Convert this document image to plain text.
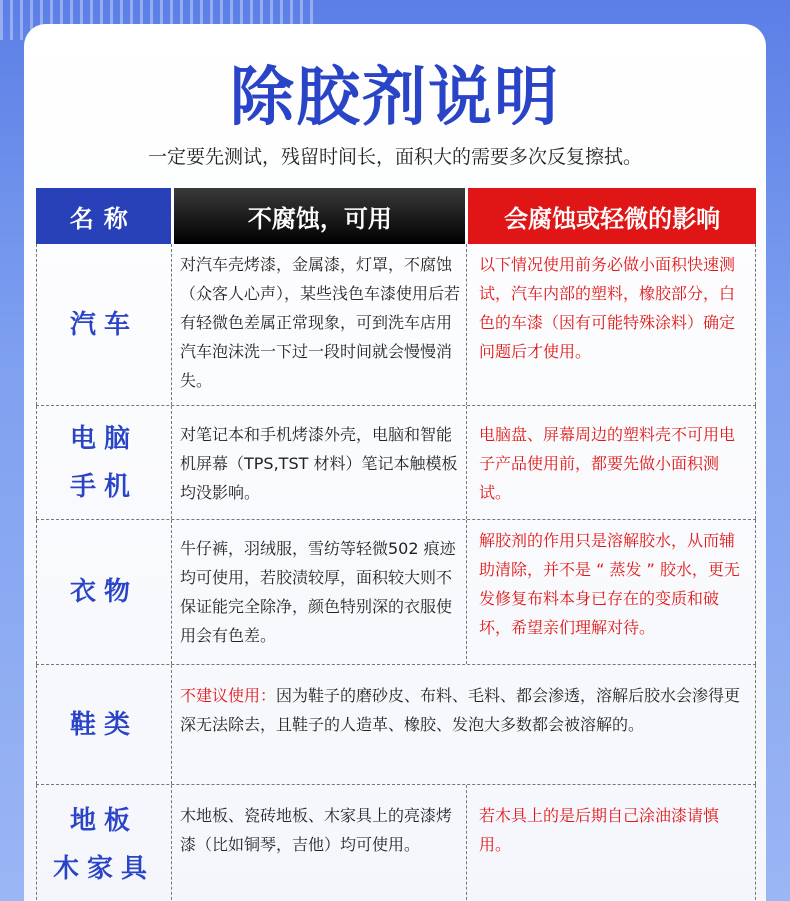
除胶剂说明
一定要先测试，残留时间长，面积大的需要多次反复擦拭。
名称	不腐蚀，可用	会腐蚀或轻微的影响
汽车
对汽车壳烤漆，金属漆，灯罩，不腐蚀（众客人心声），某些浅色车漆使用后若有轻微色差属正常现象，可到洗车店用汽车泡沫洗一下过一段时间就会慢慢消失。
以下情况使用前务必做小面积快速测试，汽车内部的塑料，橡胶部分，白色的车漆（因有可能特殊涂料）确定问题后才使用。
电脑
手机
对笔记本和手机烤漆外壳，电脑和智能机屏幕（TPS,TST 材料）笔记本触模板均没影响。
电脑盘、屏幕周边的塑料壳不可用电子产品使用前，都要先做小面积测试。
衣物
牛仔裤，羽绒服，雪纺等轻微502 痕迹均可使用，若胶渍较厚，面积较大则不保证能完全除净，颜色特别深的衣服使用会有色差。
解胶剂的作用只是溶解胶水，从而辅助清除，并不是 “ 蒸发 ” 胶水，更无发修复布料本身已存在的变质和破坏，希望亲们理解对待。
鞋类
不建议使用：因为鞋子的磨砂皮、布料、毛料、都会渗透，溶解后胶水会渗得更深无法除去，且鞋子的人造革、橡胶、发泡大多数都会被溶解的。
地板
木家具
木地板、瓷砖地板、木家具上的亮漆烤漆（比如铜琴，吉他）均可使用。
若木具上的是后期自己涂油漆请慎用。
